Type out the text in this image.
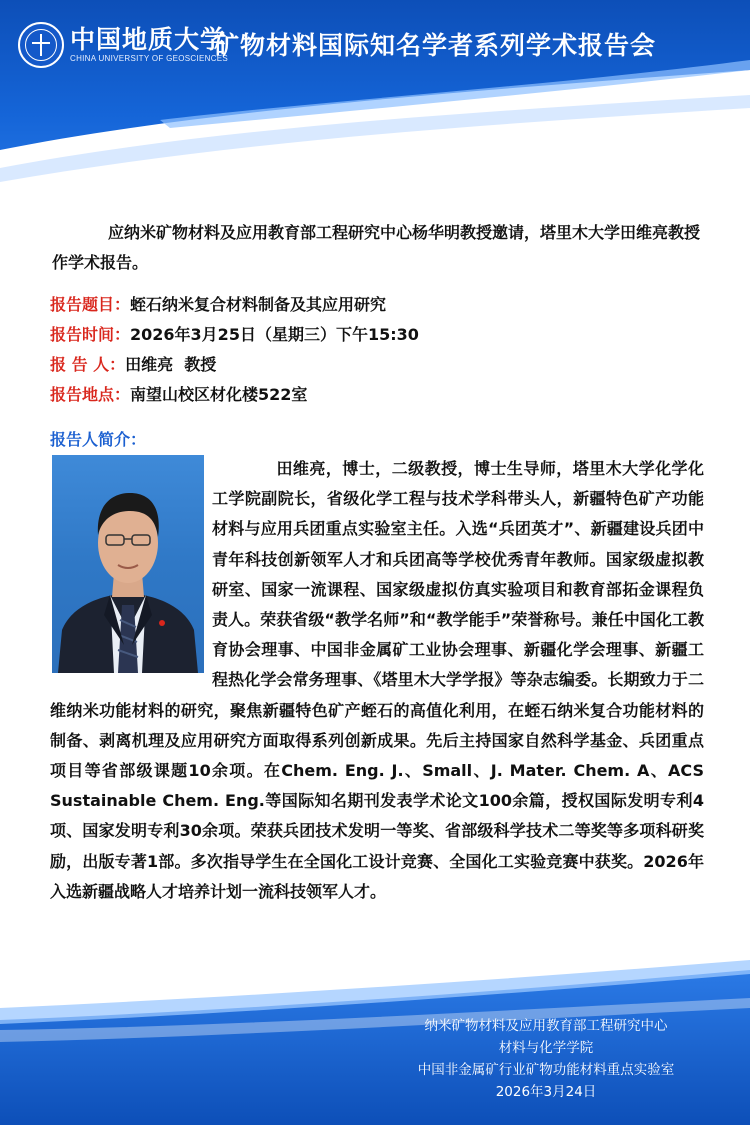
中国地质大学
CHINA UNIVERSITY OF GEOSCIENCES
矿物材料国际知名学者系列学术报告会
应纳米矿物材料及应用教育部工程研究中心杨华明教授邀请，塔里木大学田维亮教授作学术报告。
报告题目：蛭石纳米复合材料制备及其应用研究
报告时间：2026年3月25日（星期三）下午15:30
报 告 人：田维亮  教授
报告地点：南望山校区材化楼522室
报告人简介：
田维亮，博士，二级教授，博士生导师，塔里木大学化学化工学院副院长，省级化学工程与技术学科带头人，新疆特色矿产功能材料与应用兵团重点实验室主任。入选“兵团英才”、新疆建设兵团中青年科技创新领军人才和兵团高等学校优秀青年教师。国家级虚拟教研室、国家一流课程、国家级虚拟仿真实验项目和教育部拓金课程负责人。荣获省级“教学名师”和“教学能手”荣誉称号。兼任中国化工教育协会理事、中国非金属矿工业协会理事、新疆化学会理事、新疆工程热化学会常务理事、《塔里木大学学报》等杂志编委。长期致力于二维纳米功能材料的研究，聚焦新疆特色矿产蛭石的高值化利用，在蛭石纳米复合功能材料的制备、剥离机理及应用研究方面取得系列创新成果。先后主持国家自然科学基金、兵团重点项目等省部级课题10余项。在Chem. Eng. J.、Small、J. Mater. Chem. A、ACS Sustainable Chem. Eng.等国际知名期刊发表学术论文100余篇，授权国际发明专利4项、国家发明专利30余项。荣获兵团技术发明一等奖、省部级科学技术二等奖等多项科研奖励，出版专著1部。多次指导学生在全国化工设计竞赛、全国化工实验竞赛中获奖。2026年入选新疆战略人才培养计划一流科技领军人才。
纳米矿物材料及应用教育部工程研究中心
材料与化学学院
中国非金属矿行业矿物功能材料重点实验室
2026年3月24日
